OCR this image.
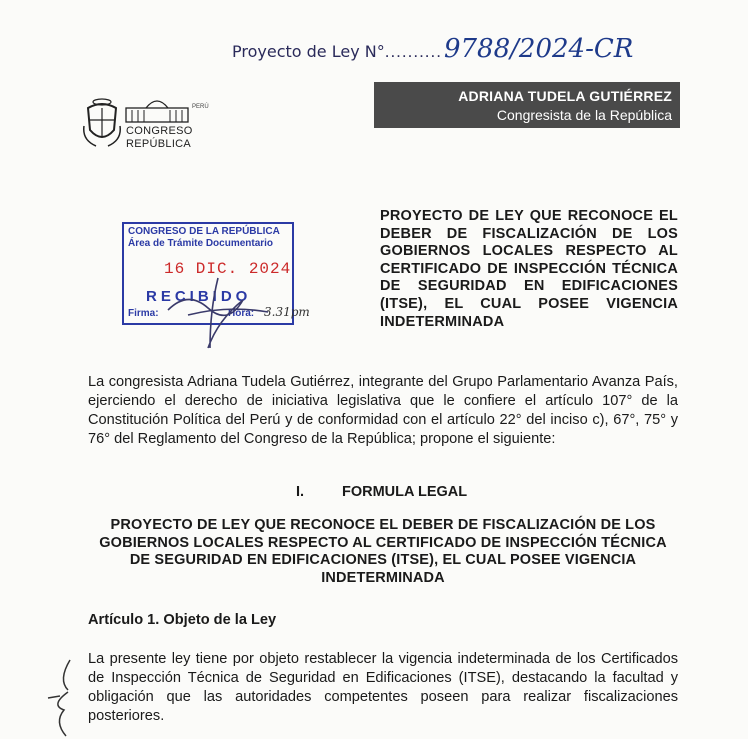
Proyecto de Ley N°..........9788/2024-CR
PERÚ
CONGRESO
REPÚBLICA
ADRIANA TUDELA GUTIÉRREZ
Congresista de la República
CONGRESO DE LA REPÚBLICA
Área de Trámite Documentario
16 DIC. 2024
RECIBIDO
Firma:	Hora: 3.31pm
PROYECTO DE LEY QUE RECONOCE EL DEBER DE FISCALIZACIÓN DE LOS GOBIERNOS LOCALES RESPECTO AL CERTIFICADO DE INSPECCIÓN TÉCNICA DE SEGURIDAD EN EDIFICACIONES (ITSE), EL CUAL POSEE VIGENCIA INDETERMINADA
La congresista Adriana Tudela Gutiérrez, integrante del Grupo Parlamentario Avanza País, ejerciendo el derecho de iniciativa legislativa que le confiere el artículo 107° de la Constitución Política del Perú y de conformidad con el artículo 22° del inciso c), 67°, 75° y 76° del Reglamento del Congreso de la República; propone el siguiente:
I.	FORMULA LEGAL
PROYECTO DE LEY QUE RECONOCE EL DEBER DE FISCALIZACIÓN DE LOS GOBIERNOS LOCALES RESPECTO AL CERTIFICADO DE INSPECCIÓN TÉCNICA DE SEGURIDAD EN EDIFICACIONES (ITSE), EL CUAL POSEE VIGENCIA INDETERMINADA
Artículo 1. Objeto de la Ley
La presente ley tiene por objeto restablecer la vigencia indeterminada de los Certificados de Inspección Técnica de Seguridad en Edificaciones (ITSE), destacando la facultad y obligación que las autoridades competentes poseen para realizar fiscalizaciones posteriores.
